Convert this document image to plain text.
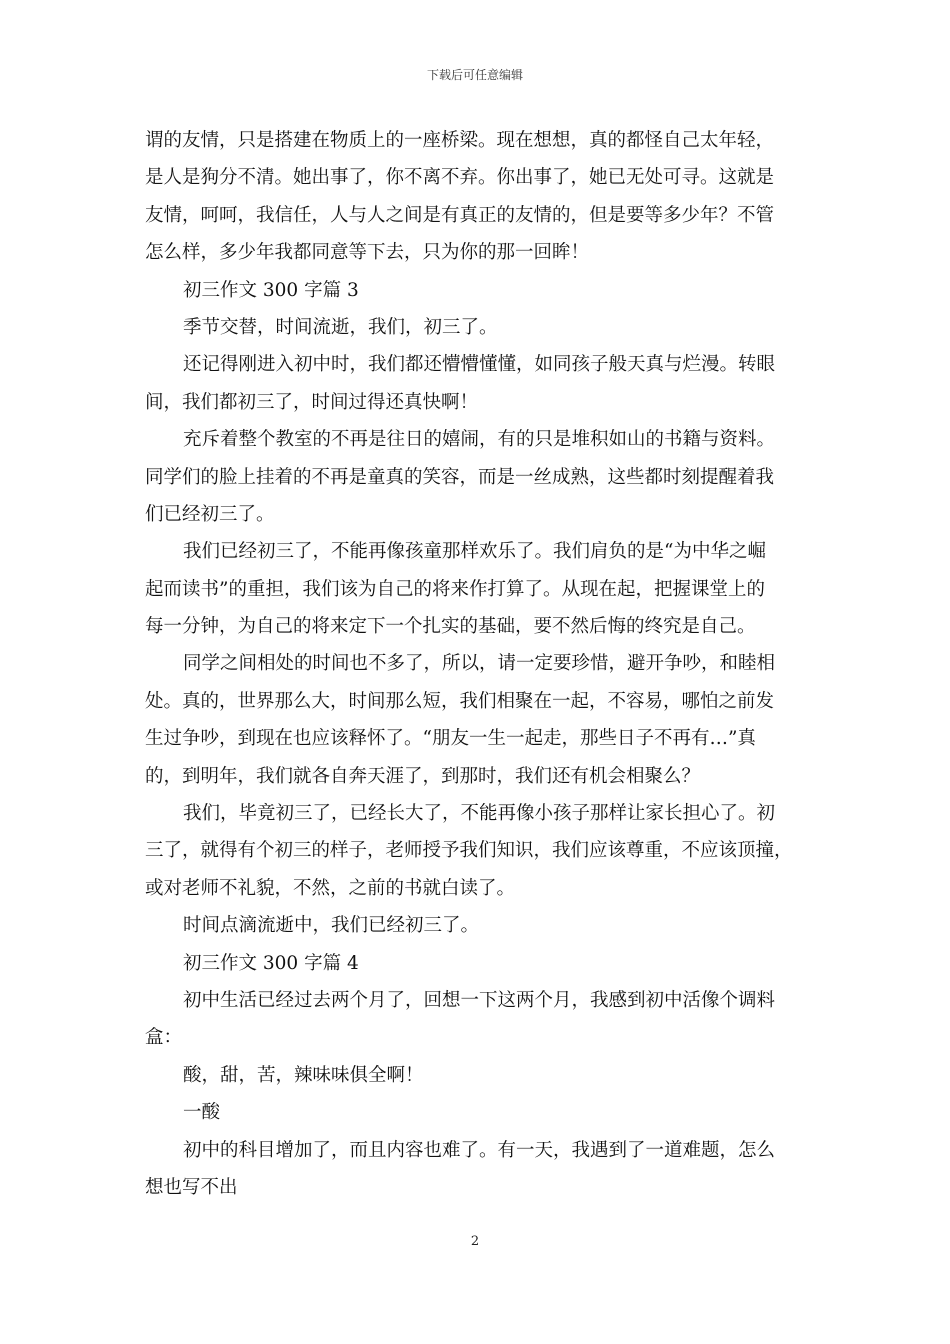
下载后可任意编辑
谓的友情，只是搭建在物质上的一座桥梁。现在想想，真的都怪自己太年轻，
是人是狗分不清。她出事了，你不离不弃。你出事了，她已无处可寻。这就是
友情，呵呵，我信任，人与人之间是有真正的友情的，但是要等多少年？不管
怎么样，多少年我都同意等下去，只为你的那一回眸！
初三作文 300 字篇 3
季节交替，时间流逝，我们，初三了。
还记得刚进入初中时，我们都还懵懵懂懂，如同孩子般天真与烂漫。转眼
间，我们都初三了，时间过得还真快啊！
充斥着整个教室的不再是往日的嬉闹，有的只是堆积如山的书籍与资料。
同学们的脸上挂着的不再是童真的笑容，而是一丝成熟，这些都时刻提醒着我
们已经初三了。
我们已经初三了，不能再像孩童那样欢乐了。我们肩负的是“为中华之崛
起而读书”的重担，我们该为自己的将来作打算了。从现在起，把握课堂上的
每一分钟，为自己的将来定下一个扎实的基础，要不然后悔的终究是自己。
同学之间相处的时间也不多了，所以，请一定要珍惜，避开争吵，和睦相
处。真的，世界那么大，时间那么短，我们相聚在一起，不容易，哪怕之前发
生过争吵，到现在也应该释怀了。“朋友一生一起走，那些日子不再有…”真
的，到明年，我们就各自奔天涯了，到那时，我们还有机会相聚么？
我们，毕竟初三了，已经长大了，不能再像小孩子那样让家长担心了。初
三了，就得有个初三的样子，老师授予我们知识，我们应该尊重，不应该顶撞，
或对老师不礼貌，不然，之前的书就白读了。
时间点滴流逝中，我们已经初三了。
初三作文 300 字篇 4
初中生活已经过去两个月了，回想一下这两个月，我感到初中活像个调料
盒：
酸，甜，苦，辣味味俱全啊！
一酸
初中的科目增加了，而且内容也难了。有一天，我遇到了一道难题，怎么
想也写不出
2
